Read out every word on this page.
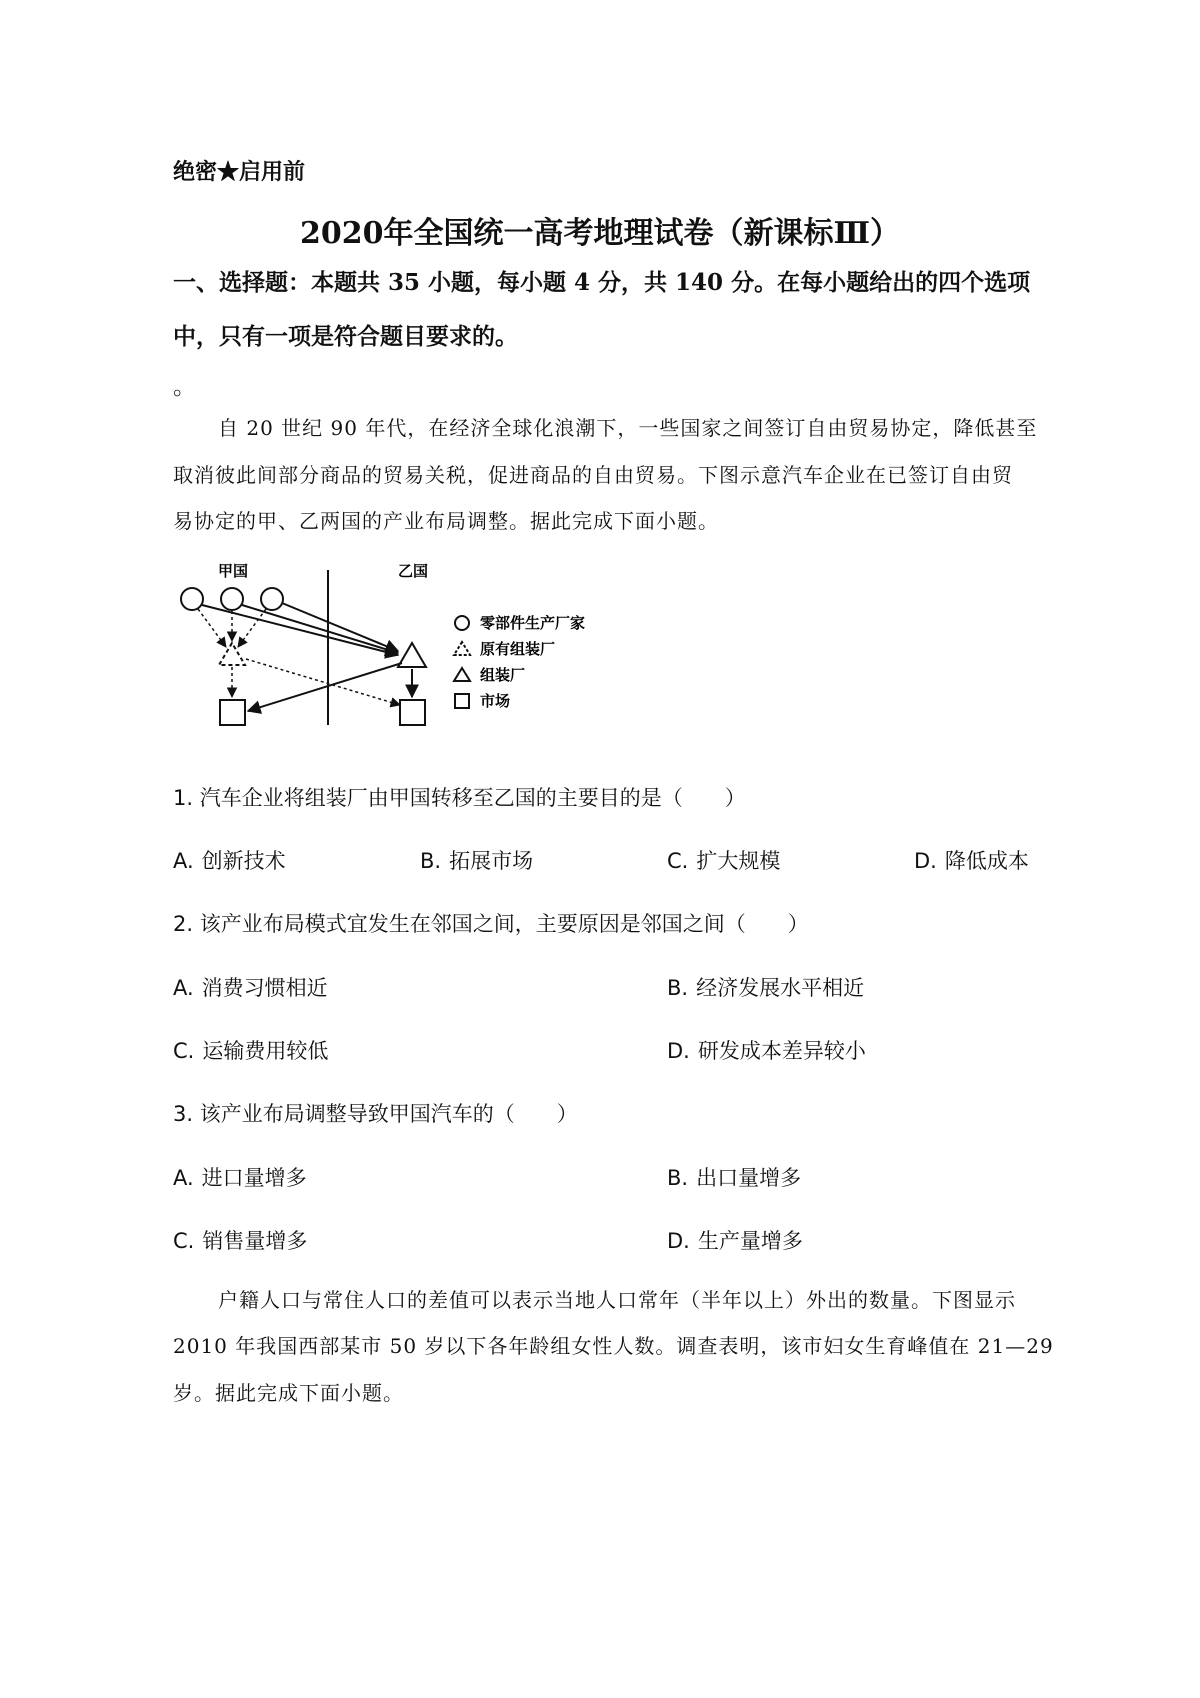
绝密★启用前
2020年全国统一高考地理试卷（新课标Ⅲ）
一、选择题：本题共 35 小题，每小题 4 分，共 140 分。在每小题给出的四个选项
中，只有一项是符合题目要求的。
。
自 20 世纪 90 年代，在经济全球化浪潮下，一些国家之间签订自由贸易协定，降低甚至
取消彼此间部分商品的贸易关税，促进商品的自由贸易。下图示意汽车企业在已签订自由贸
易协定的甲、乙两国的产业布局调整。据此完成下面小题。
甲国	乙国
零部件生产厂家
原有组装厂
组装厂
市场
1. 汽车企业将组装厂由甲国转移至乙国的主要目的是（　　）
A. 创新技术	B. 拓展市场	C. 扩大规模	D. 降低成本
2. 该产业布局模式宜发生在邻国之间，主要原因是邻国之间（　　）
A. 消费习惯相近	B. 经济发展水平相近
C. 运输费用较低	D. 研发成本差异较小
3. 该产业布局调整导致甲国汽车的（　　）
A. 进口量增多	B. 出口量增多
C. 销售量增多	D. 生产量增多
户籍人口与常住人口的差值可以表示当地人口常年（半年以上）外出的数量。下图显示
2010 年我国西部某市 50 岁以下各年龄组女性人数。调查表明，该市妇女生育峰值在 21—29
岁。据此完成下面小题。
